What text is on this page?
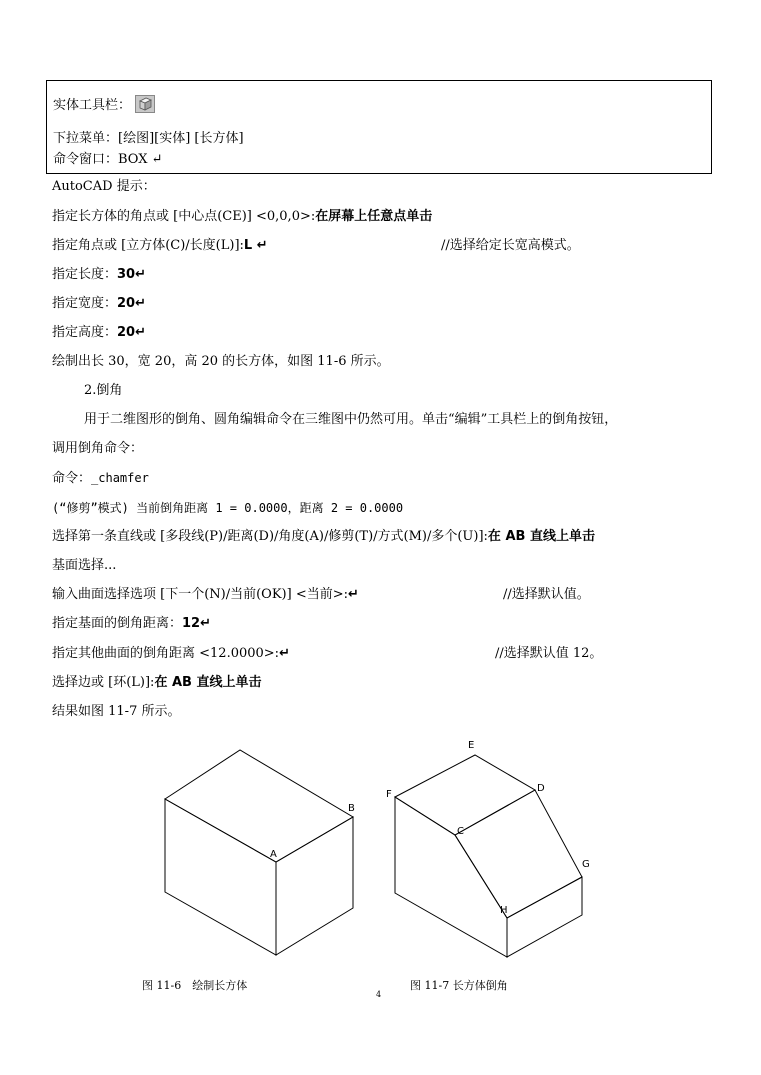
实体工具栏：
下拉菜单：[绘图][实体] [长方体]
命令窗口：BOX ↵
AutoCAD 提示：
指定长方体的角点或 [中心点(CE)] <0,0,0>:在屏幕上任意点单击
指定角点或 [立方体(C)/长度(L)]:L ↵	//选择给定长宽高模式。
指定长度：30↵
指定宽度：20↵
指定高度：20↵
绘制出长 30，宽 20，高 20 的长方体，如图 11-6 所示。
2.倒角
用于二维图形的倒角、圆角编辑命令在三维图中仍然可用。单击“编辑”工具栏上的倒角按钮，
调用倒角命令：
命令：_chamfer
(“修剪”模式) 当前倒角距离 1 = 0.0000，距离 2 = 0.0000
选择第一条直线或 [多段线(P)/距离(D)/角度(A)/修剪(T)/方式(M)/多个(U)]:在 AB 直线上单击
基面选择...
输入曲面选择选项 [下一个(N)/当前(OK)] <当前>:↵	//选择默认值。
指定基面的倒角距离：12↵
指定其他曲面的倒角距离 <12.0000>:↵	//选择默认值 12。
选择边或 [环(L)]:在 AB 直线上单击
结果如图 11-7 所示。
A
B
E
F
D
C
G
H
图 11-6　绘制长方体	图 11-7 长方体倒角
4
